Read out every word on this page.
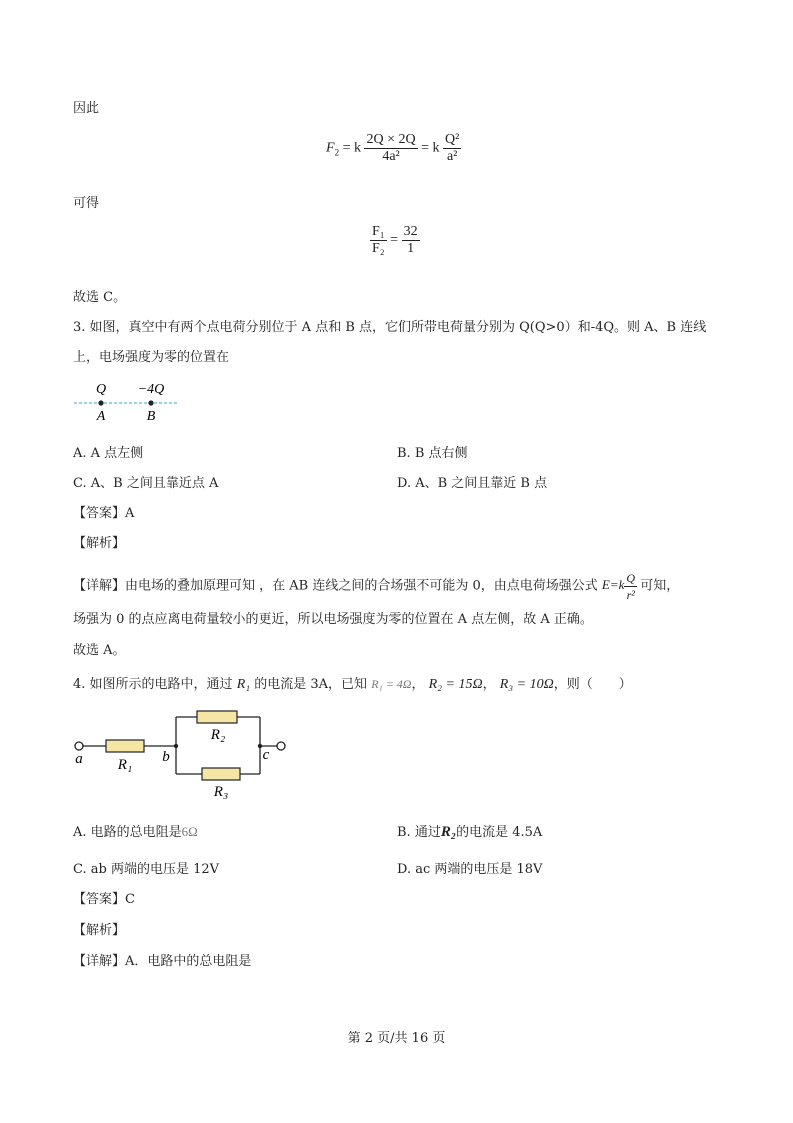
因此
$F_2 = k \frac{2Q \times 2Q}{\text{4a²}} = k \frac{\text{Q²}}{\text{a²}}$
可得
$\frac{\text{F₁}}{\text{F₂}} = \frac{32}{1}$
故选 C。
3. 如图，真空中有两个点电荷分别位于 A 点和 B 点，它们所带电荷量分别为 Q(Q>0）和-4Q。则 A、B 连线
上，电场强度为零的位置在
Q −4Q
A	B
A. A 点左侧	B. B 点右侧
C. A、B 之间且靠近点 A	D. A、B 之间且靠近 B 点
【答案】A
【解析】
【详解】由电场的叠加原理可知 ，在 AB 连线之间的合场强不可能为 0，由点电荷场强公式 $E=k \frac{Q}{\text{r²}}$ 可知，
场强为 0 的点应离电荷量较小的更近，所以电场强度为零的位置在 A 点左侧，故 A 正确。
故选 A。
4. 如图所示的电路中，通过 R₁ 的电流是 3A，已知 R₁ = 4Ω， R₂ = 15Ω， R₃ = 10Ω，则（　　）
a	b	c
R₁
R₂
R₃
A. 电路的总电阻是6Ω	B. 通过R₂的电流是 4.5A
C. ab 两端的电压是 12V	D. ac 两端的电压是 18V
【答案】C
【解析】
【详解】A．电路中的总电阻是
第 2 页/共 16 页
